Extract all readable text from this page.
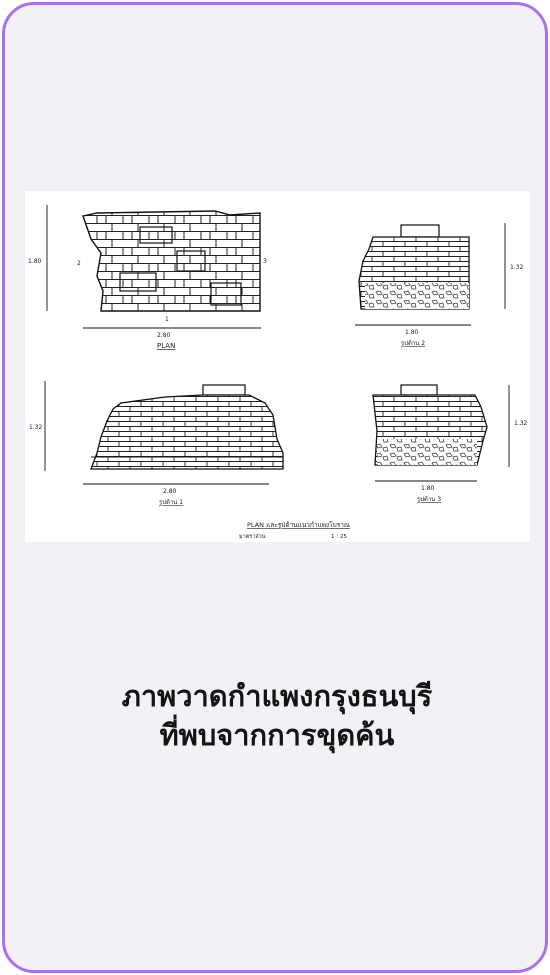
1.80	2	3
1
2.80
PLAN
1.32
1.80
รูปด้าน 2
1.32
2.80
รูปด้าน 1
1.32
1.80
รูปด้าน 3
PLAN และรูปด้านแนวกำแพงโบราณ
มาตราส่วน	1 : 25
ภาพวาดกำแพงกรุงธนบุรี
ที่พบจากการขุดค้น
